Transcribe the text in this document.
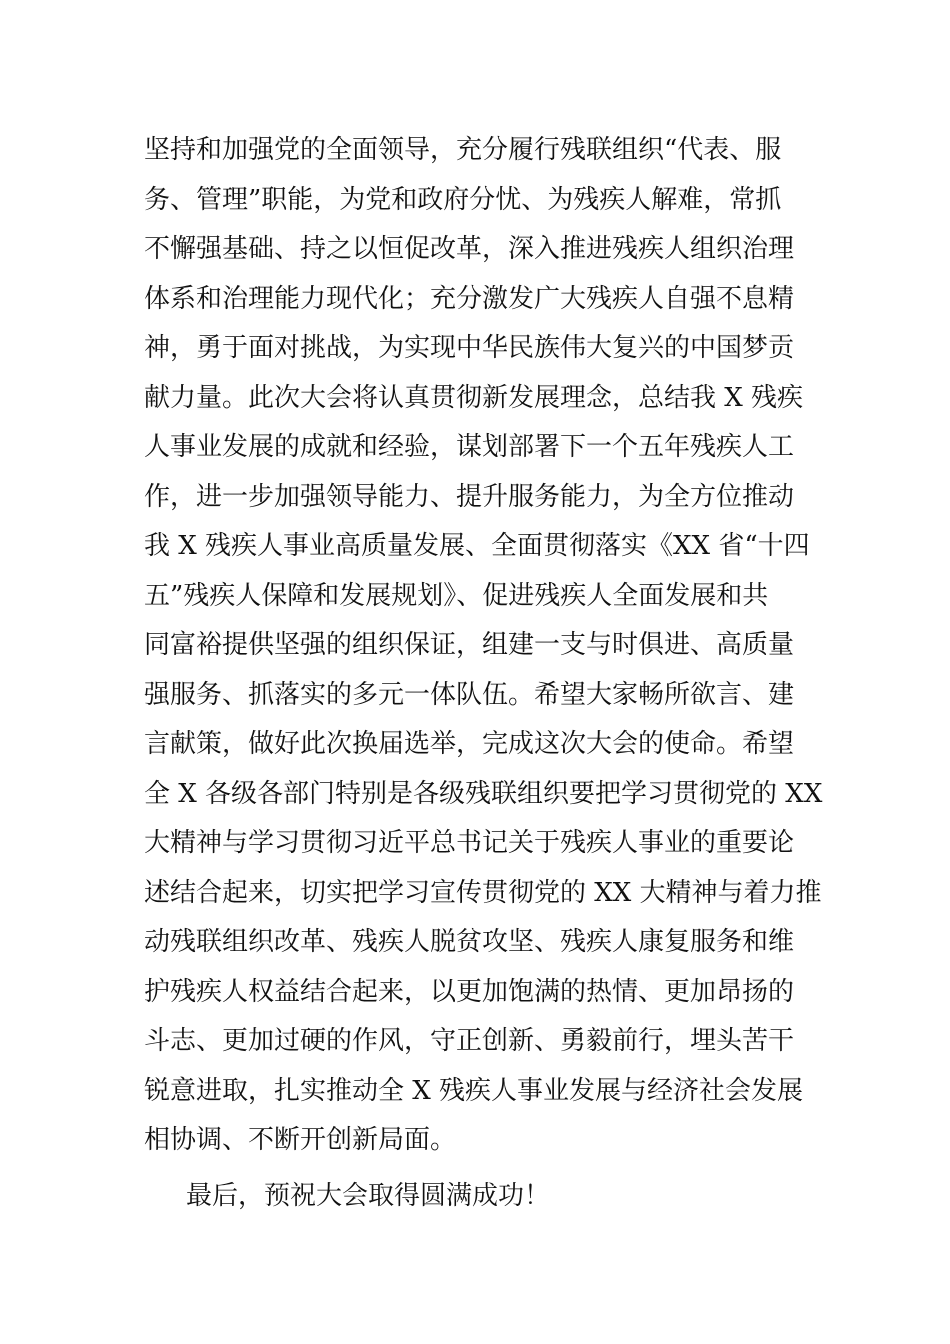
坚持和加强党的全面领导，充分履行残联组织“代表、服
务、管理”职能，为党和政府分忧、为残疾人解难，常抓
不懈强基础、持之以恒促改革，深入推进残疾人组织治理
体系和治理能力现代化；充分激发广大残疾人自强不息精
神，勇于面对挑战，为实现中华民族伟大复兴的中国梦贡
献力量。此次大会将认真贯彻新发展理念，总结我 X 残疾
人事业发展的成就和经验，谋划部署下一个五年残疾人工
作，进一步加强领导能力、提升服务能力，为全方位推动
我 X 残疾人事业高质量发展、全面贯彻落实《XX 省“十四
五”残疾人保障和发展规划》、促进残疾人全面发展和共
同富裕提供坚强的组织保证，组建一支与时俱进、高质量
强服务、抓落实的多元一体队伍。希望大家畅所欲言、建
言献策，做好此次换届选举，完成这次大会的使命。希望
全 X 各级各部门特别是各级残联组织要把学习贯彻党的 XX
大精神与学习贯彻习近平总书记关于残疾人事业的重要论
述结合起来，切实把学习宣传贯彻党的 XX 大精神与着力推
动残联组织改革、残疾人脱贫攻坚、残疾人康复服务和维
护残疾人权益结合起来，以更加饱满的热情、更加昂扬的
斗志、更加过硬的作风，守正创新、勇毅前行，埋头苦干
锐意进取，扎实推动全 X 残疾人事业发展与经济社会发展
相协调、不断开创新局面。
最后，预祝大会取得圆满成功！
